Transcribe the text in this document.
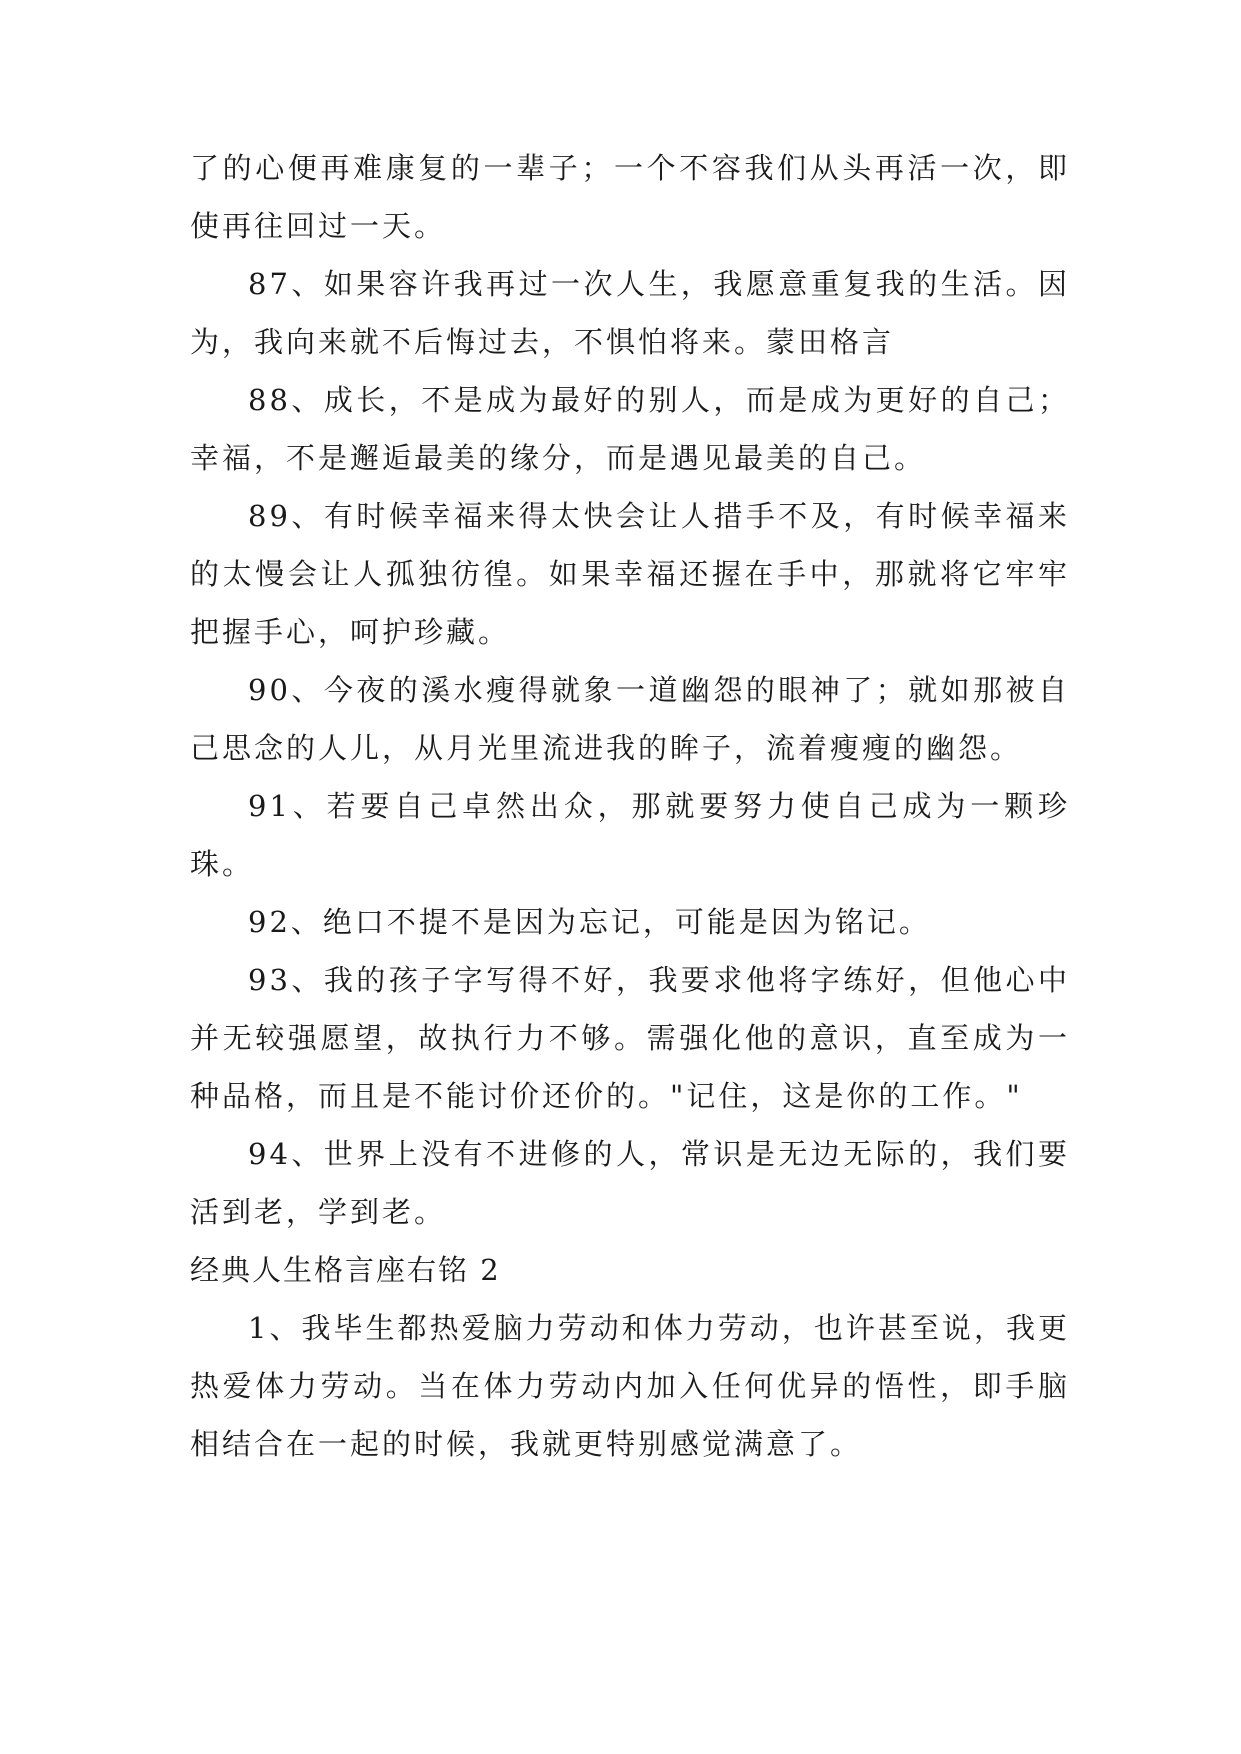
了的心便再难康复的一辈子；一个不容我们从头再活一次，即使再往回过一天。

87、如果容许我再过一次人生，我愿意重复我的生活。因为，我向来就不后悔过去，不惧怕将来。蒙田格言

88、成长，不是成为最好的别人，而是成为更好的自己；幸福，不是邂逅最美的缘分，而是遇见最美的自己。

89、有时候幸福来得太快会让人措手不及，有时候幸福来的太慢会让人孤独彷徨。如果幸福还握在手中，那就将它牢牢把握手心，呵护珍藏。

90、今夜的溪水瘦得就象一道幽怨的眼神了；就如那被自己思念的人儿，从月光里流进我的眸子，流着瘦瘦的幽怨。

91、若要自己卓然出众，那就要努力使自己成为一颗珍珠。

92、绝口不提不是因为忘记，可能是因为铭记。

93、我的孩子字写得不好，我要求他将字练好，但他心中并无较强愿望，故执行力不够。需强化他的意识，直至成为一种品格，而且是不能讨价还价的。"记住，这是你的工作。"

94、世界上没有不进修的人，常识是无边无际的，我们要活到老，学到老。

经典人生格言座右铭 2

1、我毕生都热爱脑力劳动和体力劳动，也许甚至说，我更热爱体力劳动。当在体力劳动内加入任何优异的悟性，即手脑相结合在一起的时候，我就更特别感觉满意了。
